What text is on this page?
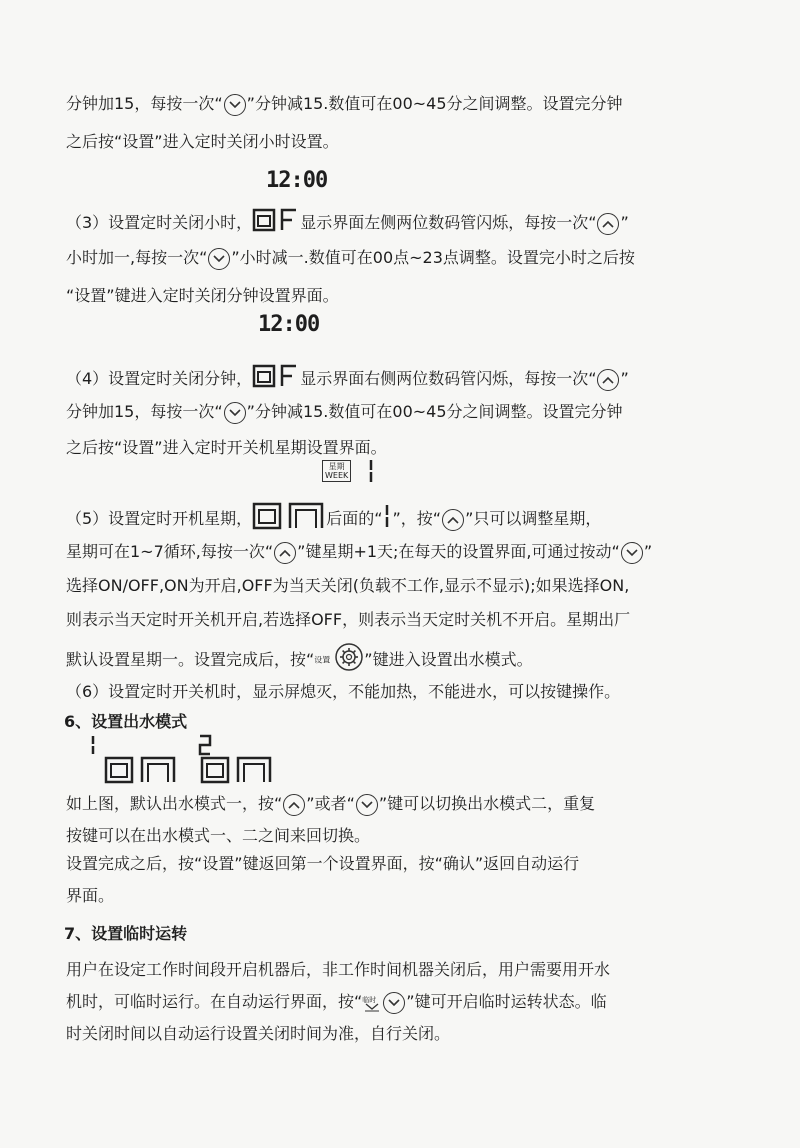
分钟加15，每按一次“ ”分钟减15.数值可在00~45分之间调整。设置完分钟
之后按“设置”进入定时关闭小时设置。
12:00
（3）设置定时关闭小时，	显示界面左侧两位数码管闪烁，每按一次“ ”
小时加一,每按一次“ ”小时减一.数值可在00点~23点调整。设置完小时之后按
“设置”键进入定时关闭分钟设置界面。
12:00
（4）设置定时关闭分钟，	显示界面右侧两位数码管闪烁，每按一次“ ”
分钟加15，每按一次“ ”分钟减15.数值可在00~45分之间调整。设置完分钟
之后按“设置”进入定时开关机星期设置界面。
星期
WEEK
（5）设置定时开机星期，	后面的“ ”，按“ ”只可以调整星期，
星期可在1~7循环,每按一次“ ”键星期+1天;在每天的设置界面,可通过按动“ ”
选择ON/OFF,ON为开启,OFF为当天关闭(负载不工作,显示不显示);如果选择ON,
则表示当天定时开关机开启,若选择OFF，则表示当天定时关机不开启。星期出厂
默认设置星期一。设置完成后，按“设置 ”键进入设置出水模式。
（6）设置定时开关机时，显示屏熄灭，不能加热，不能进水，可以按键操作。
6、设置出水模式
如上图，默认出水模式一，按“ ”或者“ ”键可以切换出水模式二，重复
按键可以在出水模式一、二之间来回切换。
设置完成之后，按“设置”键返回第一个设置界面，按“确认”返回自动运行
界面。
7、设置临时运转
用户在设定工作时间段开启机器后，非工作时间机器关闭后，用户需要用开水
机时，可临时运行。在自动运行界面，按“ 临时 ”键可开启临时运转状态。临
时关闭时间以自动运行设置关闭时间为准，自行关闭。
